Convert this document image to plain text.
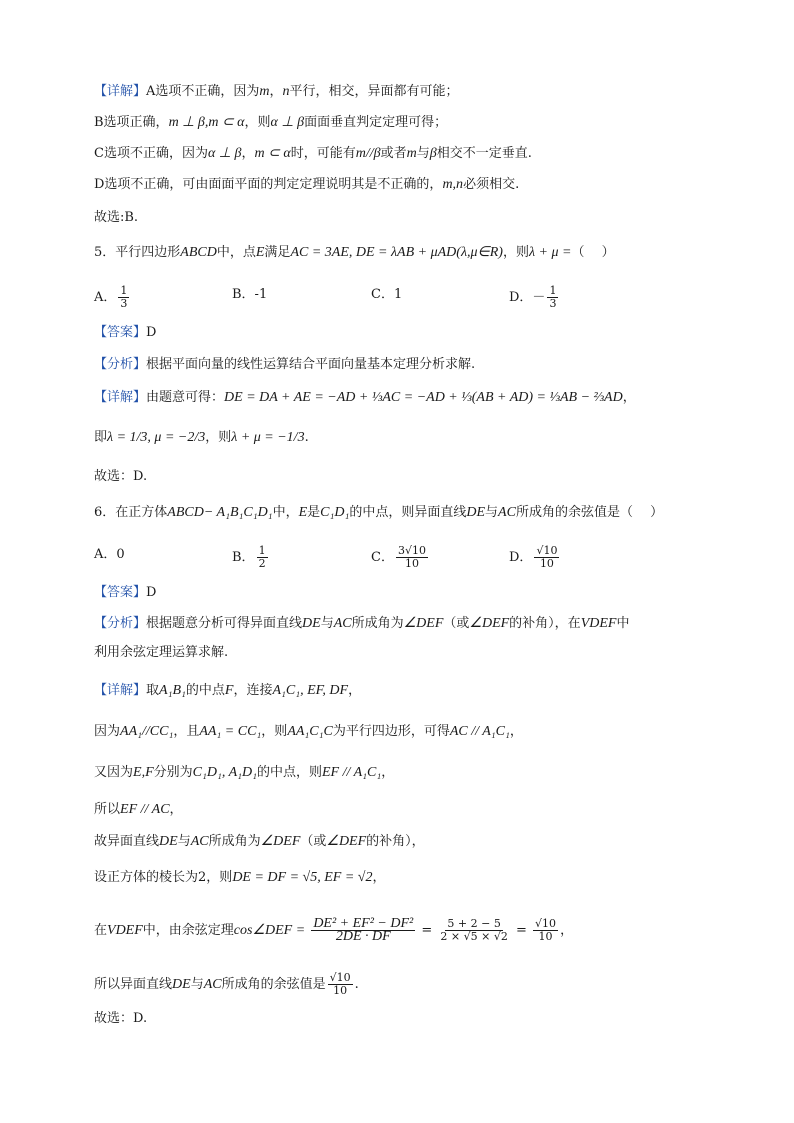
【详解】A选项不正确，因为m，n平行，相交，异面都有可能；
B选项正确，m ⊥ β,m ⊂ α，则α ⊥ β面面垂直判定定理可得；
C选项不正确，因为α ⊥ β，m ⊂ α时，可能有m//β或者m与β相交不一定垂直.
D选项不正确，可由面面平面的判定定理说明其是不正确的，m,n必须相交.
故选:B.
5．平行四边形ABCD中，点E满足AC = 3AE, DE = λAB + μAD(λ,μ∈R)，则λ + μ =（　 ）
A． $\frac{1}{3}$	B．-1	C．1	D．－ $\frac{1}{3}$
【答案】D
【分析】根据平面向量的线性运算结合平面向量基本定理分析求解.
【详解】由题意可得：DE = DA + AE = −AD + ⅓AC = −AD + ⅓(AB + AD) = ⅓AB − ⅔AD，
即λ = 1/3, μ = −2/3，则λ + μ = −1/3.
故选：D.
6．在正方体ABCD− A₁B₁C₁D₁中，E是C₁D₁的中点，则异面直线DE与AC所成角的余弦值是（　 ）
A．0	B． $\frac{1}{2}$	C． $\frac{3√10}{10}$	D． $\frac{√10}{10}$
【答案】D
【分析】根据题意分析可得异面直线DE与AC所成角为∠DEF（或∠DEF的补角），在VDEF中
利用余弦定理运算求解.
【详解】取A₁B₁的中点F，连接A₁C₁, EF, DF，
因为AA₁//CC₁，且AA₁ = CC₁，则AA₁C₁C为平行四边形，可得AC // A₁C₁，
又因为E,F分别为C₁D₁, A₁D₁的中点，则EF // A₁C₁，
所以EF // AC，
故异面直线DE与AC所成角为∠DEF（或∠DEF的补角），
设正方体的棱长为2，则DE = DF = √5, EF = √2，
在VDEF中，由余弦定理cos∠DEF = $\frac{\text{DE² + EF² − DF²}}{2DE \cdot DF} = \frac{5 + 2 - 5}{2 \times √5 \times √2} = \frac{√10}{10}$ ，
所以异面直线DE与AC所成角的余弦值是 $\frac{√10}{10}$ .
故选：D.
